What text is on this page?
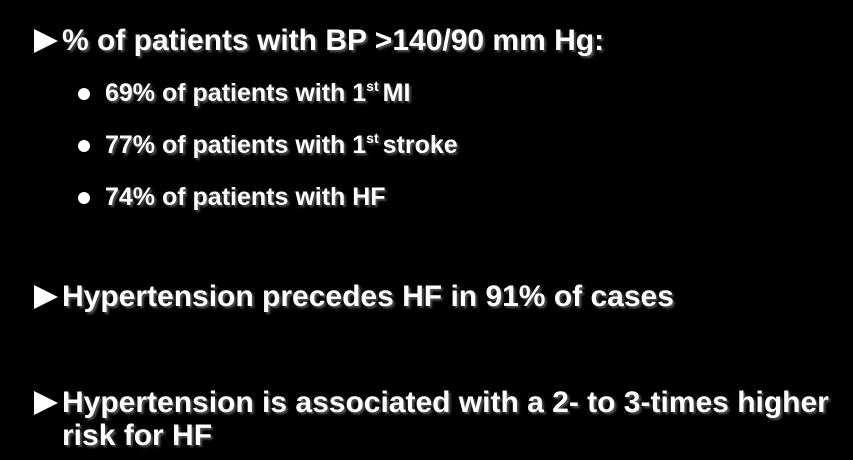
% of patients with BP >140/90 mm Hg:
69% of patients with 1st MI
77% of patients with 1st stroke
74% of patients with HF
Hypertension precedes HF in 91% of cases
Hypertension is associated with a 2- to 3-times higher risk for HF
